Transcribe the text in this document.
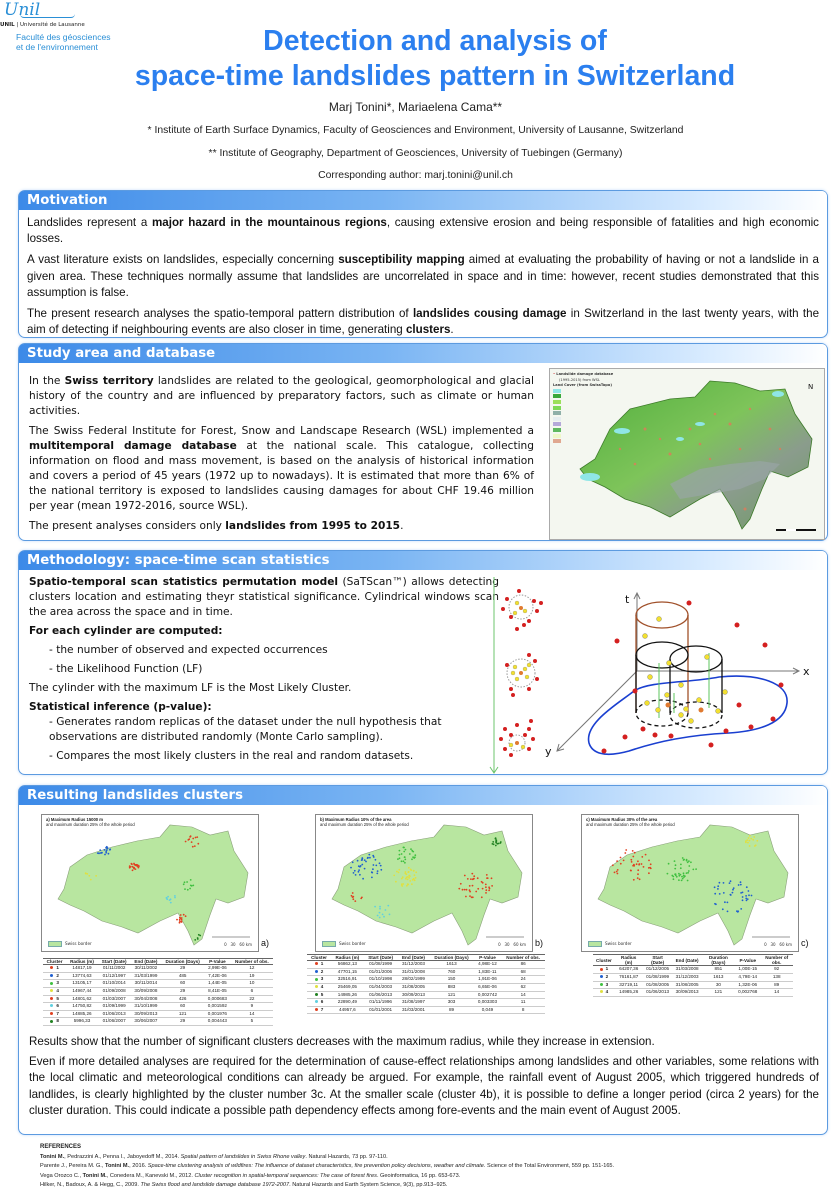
Unil
UNIL | Université de Lausanne
Faculté des géosciences
et de l'environnement	Detection and analysis of
space-time landslides pattern in Switzerland
Marj Tonini*, Mariaelena Cama**
* Institute of Earth Surface Dynamics, Faculty of Geosciences and Environment, University of Lausanne, Switzerland
** Institute of Geography, Department of Geosciences, University of Tuebingen (Germany)
Corresponding author: marj.tonini@unil.ch
Motivation

Landslides represent a major hazard in the mountainous regions, causing extensive erosion and being responsible of fatalities and high economic losses.

A vast literature exists on landslides, especially concerning susceptibility mapping aimed at evaluating the probability of having or not a landslide in a given area. These techniques normally assume that landslides are uncorrelated in space and in time: however, recent studies demonstrated that this assumption is false.

The present research analyses the spatio-temporal pattern distribution of landslides cousing damage in Switzerland in the last twenty years, with the aim of detecting if neighbouring events are also closer in time, generating clusters.

Study area and database

In the Swiss territory landslides are related to the geological, geomorphological and glacial history of the country and are influenced by preparatory factors, such as climate or human activities.

The Swiss Federal Institute for Forest, Snow and Landscape Research (WSL) implemented a multitemporal damage database at the national scale. This catalogue, collecting information on flood and mass movement, is based on the analysis of historical information and covers a period of 45 years (1972 up to nowadays). It is estimated that more than 6% of the national territory is exposed to landslides causing damages for about CHF 19.46 million per year (mean 1972-2016, source WSL).

The present analyses considers only landslides from 1995 to 2015.

N
• Landslide damage database
(1995-2015) from WSL
Land Cover (from SwissTopo)
Methodology: space-time scan statistics

Spatio-temporal scan statistics permutation model (SaTScan™) allows detecting clusters location and estimating theyr statistical significance. Cylindrical windows scan the area across the space and in time.

For each cylinder are computed:

- the number of observed and expected occurrences

- the Likelihood Function (LF)

The cylinder with the maximum LF is the Most Likely Cluster.

Statistical inference (p-value):

- Generates random replicas of the dataset under the null hypothesis that observations are distributed randomly (Monte Carlo sampling).

- Compares the most likely clusters in the real and random datasets.

t
x
y
Resulting landslides clusters
a) Maximum Radius 15000 m
and maximum duration 25% of the whole period
Swiss border	0 30 60 km a)
b) Maximum Radius 10% of the area
and maximum duration 25% of the whole period
Swiss border	0 30 60 km b)
c) Maximum Radius 30% of the area
and maximum duration 25% of the whole period
Swiss border	0 30 60 km c)
Cluster	Radius (m)	Start (Date)	End (Date)	Duration (Days)	P-Value	Number of obs.
1	14817,19	01/11/2002	30/11/2002	29	2,99E-06	12
2	13774,63	01/12/1997	31/03/1999	485	7,42E-06	19
3	13105,17	01/10/2014	30/11/2014	60	1,44E-05	10
4	14967,44	01/09/2008	30/09/2008	29	8,41E-05	6
5	14801,62	01/03/2007	30/04/2008	426	0,000683	22
6	14750,82	01/09/1999	31/10/1999	60	0,001592	9
7	14885,26	01/06/2013	30/09/2013	121	0,001976	14
8	5996,33	01/06/2007	30/06/2007	29	0,004443	5
Cluster	Radius (m)	Start (Date)	End (Date)	Duration (Days)	P-Value	Number of obs.
1	56862,13	01/08/1999	31/12/2003	1613	4,98E-12	86
2	47701,15	01/01/2006	31/01/2008	760	1,83E-11	68
3	32516,91	01/10/1998	28/02/1999	150	1,91E-06	24
4	25469,05	01/04/2003	31/08/2005	883	6,65E-06	62
5	14985,26	01/06/2013	30/09/2013	121	0,002742	14
6	22890,49	01/11/1996	31/08/1997	303	0,003303	11
7	44957,6	01/01/2001	31/03/2001	89	0,049	8
Cluster	Radius (m)	Start (Date)	End (Date)	Duration (Days)	P-Value	Number of obs.
1	64207,36	01/12/2005	31/03/2008	851	1,00E-15	92
2	76161,87	01/08/1999	31/12/2003	1613	4,79E-14	138
3	32719,11	01/08/2005	31/08/2005	30	1,32E-06	89
4	14985,26	01/06/2013	30/09/2013	121	0,002768	14

Results show that the number of significant clusters decreases with the maximum radius, while they increase in extension.

Even if more detailed analyses are required for the determination of cause-effect relationships among landslides and other variables, some relations with the local climatic and meteorological conditions can already be argued. For example, the rainfall event of August 2005, which triggered hundreds of landlides, is clearly highlighted by the cluster number 3c. At the smaller scale (cluster 4b), it is possible to define a longer period (circa 2 years) for the cluster duration. This could indicate a possible path dependency effects among fore-events and the main event of August 2005.

REFERENCES
Tonini M., Pedrazzini A., Penna I., Jaboyedoff M., 2014. Spatial pattern of landslides in Swiss Rhone valley. Natural Hazards, 73 pp. 97-110.
Parente J., Pereira M. G., Tonini M., 2016. Space-time clustering analysis of wildfires: The influence of dataset characteristics, fire prevention policy decisions, weather and climate. Science of the Total Environment, 559 pp. 151-165.
Vega Orozco C., Tonini M., Conedera M., Kanevski M., 2012. Cluster recognition in spatial-temporal sequences: The case of forest fires. Geoinformatica, 16 pp. 653-673.
Hilker, N., Badoux, A. & Hegg, C., 2009. The Swiss flood and landslide damage database 1972-2007. Natural Hazards and Earth System Science, 9(3), pp.913–925.
